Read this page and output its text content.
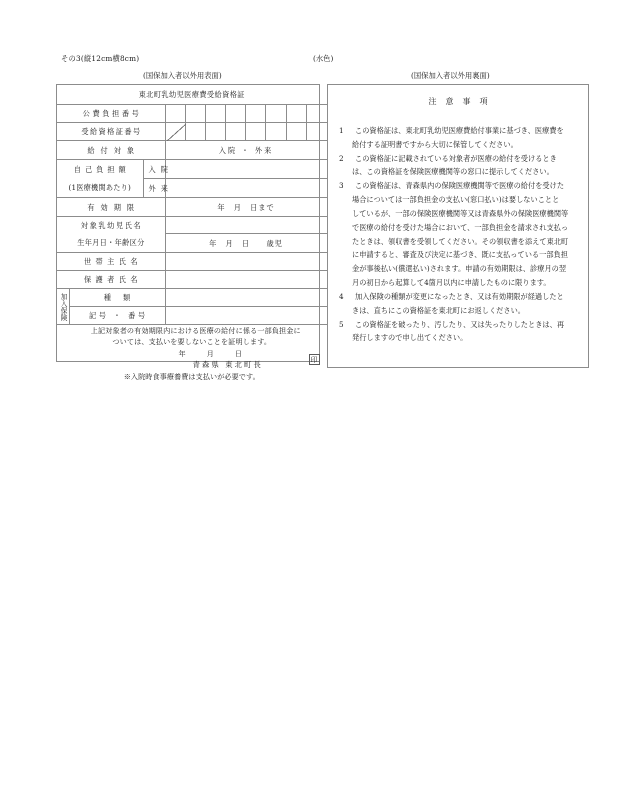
その3(縦12cm横8cm)	(水色)
(国保加入者以外用表面)	(国保加入者以外用裏面)
東北町乳幼児医療費受給資格証										
公費負担番号										
受給資格証番号										
給付対象			入院 ・ 外来							
自己負担額		入院								
(1医療機関あたり)		外来								
有効期限			年　月　日まで							
対象乳幼児氏名										
生年月日・年齢区分			年　月　日　　歳児							
世帯主氏名										
保護者氏名										

加入保険	種類									
	記号 ・ 番号									

上記対象者の有効期限内における医療の給付に係る一部負担金に
ついては、支払いを要しないことを証明します。
年　月　日
青森県 東北町長
印
※入院時食事療養費は支払いが必要です。
注意事項
1	この資格証は、東北町乳幼児医療費給付事業に基づき、医療費を
給付する証明書ですから大切に保管してください。
2	この資格証に記載されている対象者が医療の給付を受けるとき
は、この資格証を保険医療機関等の窓口に提示してください。
3	この資格証は、青森県内の保険医療機関等で医療の給付を受けた
場合については一部負担金の支払い(窓口払い)は要しないことと
しているが、一部の保険医療機関等又は青森県外の保険医療機関等
で医療の給付を受けた場合において、一部負担金を請求され支払っ
たときは、領収書を受領してください。その領収書を添えて東北町
に申請すると、審査及び決定に基づき、既に支払っている一部負担
金が事後払い(償還払い)されます。申請の有効期限は、診療月の翌
月の初日から起算して4箇月以内に申請したものに限ります。
4	加入保険の種類が変更になったとき、又は有効期限が経過したと
きは、直ちにこの資格証を東北町にお返しください。
5	この資格証を破ったり、汚したり、又は失ったりしたときは、再
発行しますので申し出てください。
